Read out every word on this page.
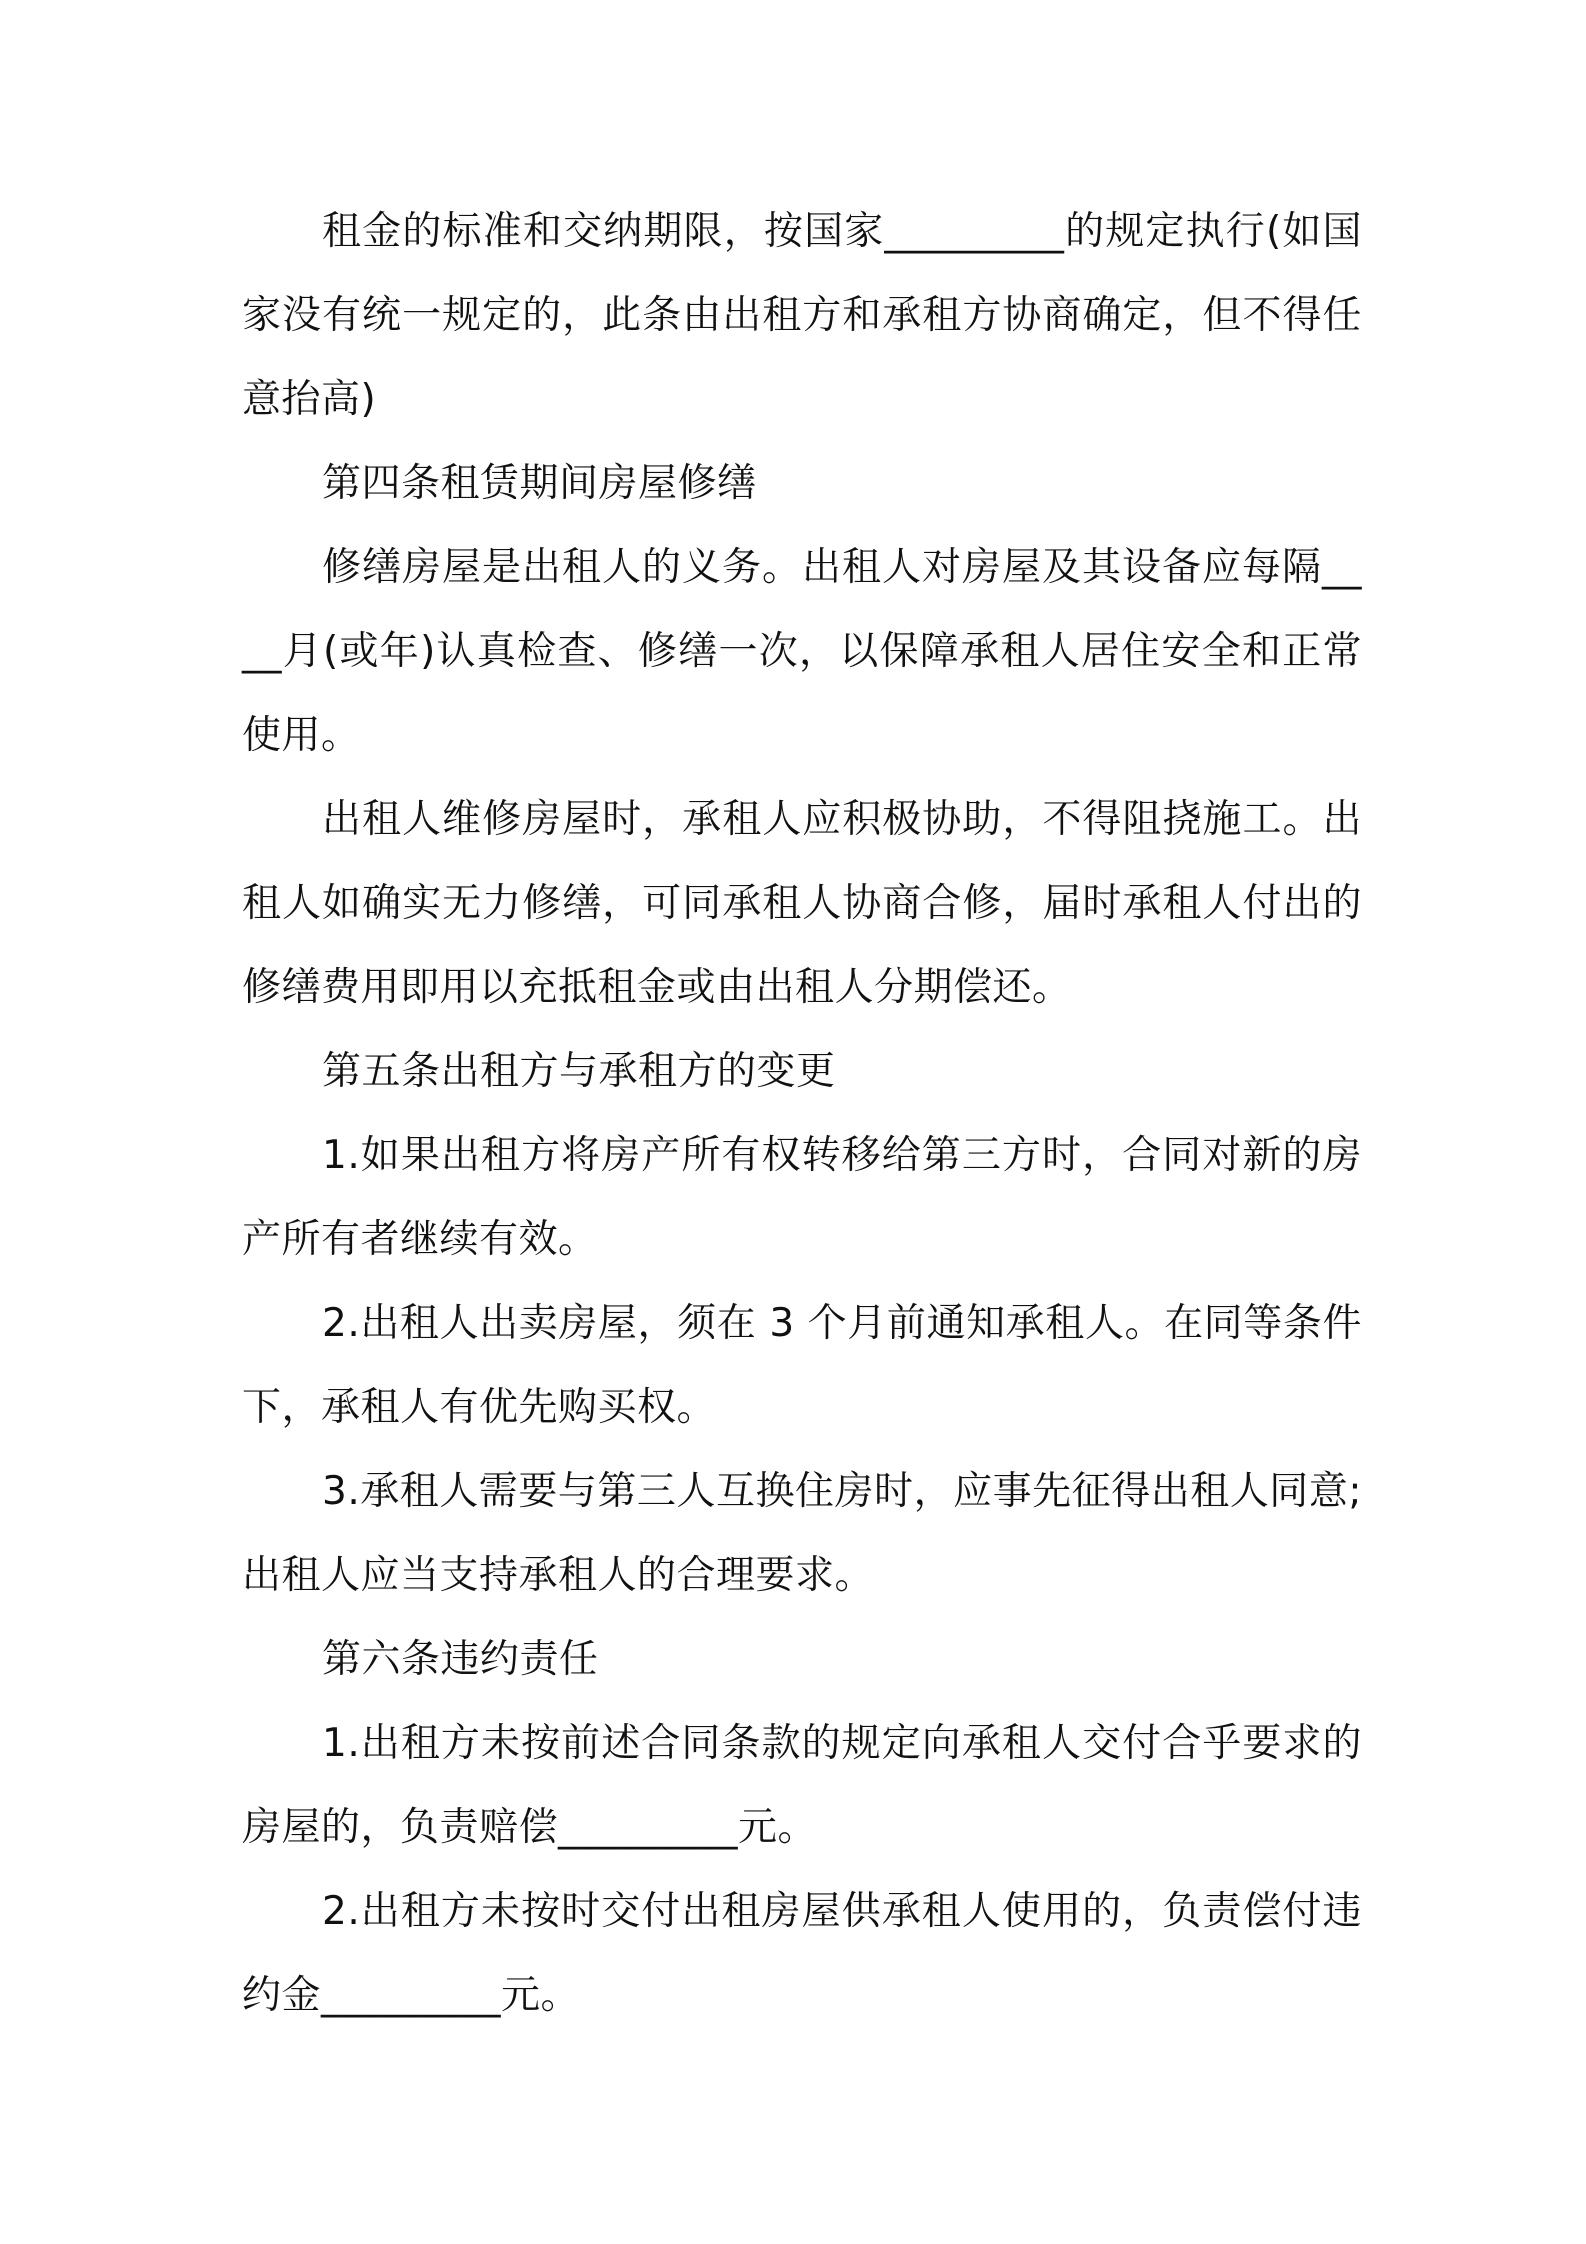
租金的标准和交纳期限，按国家_________的规定执行(如国家没有统一规定的，此条由出租方和承租方协商确定，但不得任意抬高)

第四条租赁期间房屋修缮

修缮房屋是出租人的义务。出租人对房屋及其设备应每隔____月(或年)认真检查、修缮一次，以保障承租人居住安全和正常使用。

出租人维修房屋时，承租人应积极协助，不得阻挠施工。出租人如确实无力修缮，可同承租人协商合修，届时承租人付出的修缮费用即用以充抵租金或由出租人分期偿还。

第五条出租方与承租方的变更

1.如果出租方将房产所有权转移给第三方时，合同对新的房产所有者继续有效。

2.出租人出卖房屋，须在 3 个月前通知承租人。在同等条件下，承租人有优先购买权。

3.承租人需要与第三人互换住房时，应事先征得出租人同意;出租人应当支持承租人的合理要求。

第六条违约责任

1.出租方未按前述合同条款的规定向承租人交付合乎要求的房屋的，负责赔偿_________元。

2.出租方未按时交付出租房屋供承租人使用的，负责偿付违约金_________元。
